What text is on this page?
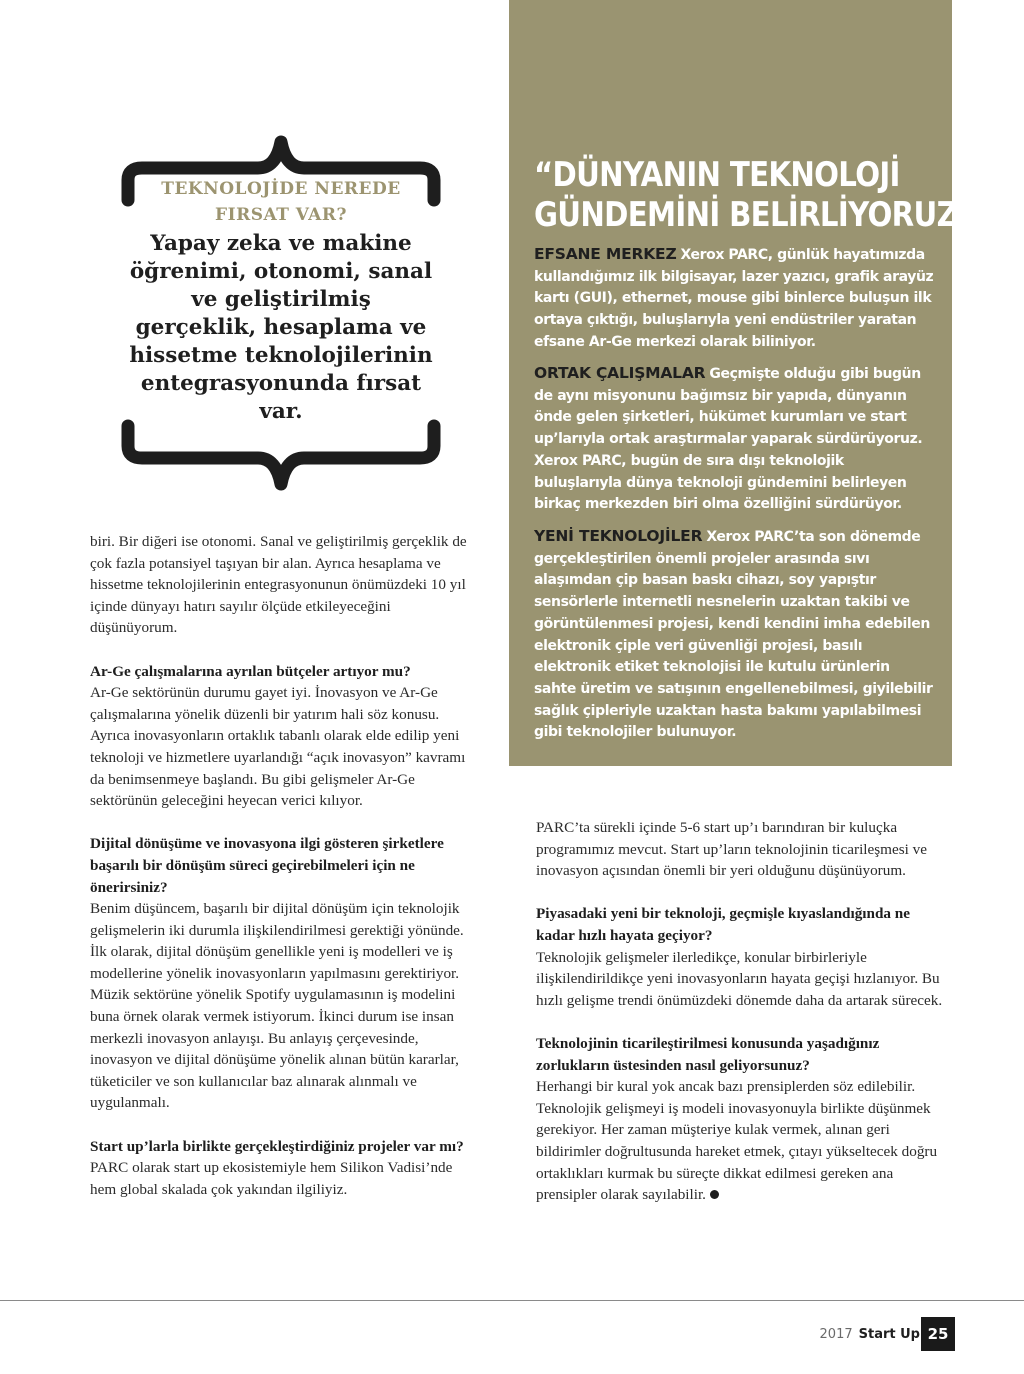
TEKNOLOJİDE NEREDE
FIRSAT VAR?
Yapay zeka ve makine öğrenimi, otonomi, sanal ve geliştirilmiş gerçeklik, hesaplama ve hissetme teknolojilerinin entegrasyonunda fırsat var.
“DÜNYANIN TEKNOLOJİ
GÜNDEMİNİ BELİRLİYORUZ”
EFSANE MERKEZ Xerox PARC, günlük hayatımızda kullandığımız ilk bilgisayar, lazer yazıcı, grafik arayüz kartı (GUI), ethernet, mouse gibi binlerce buluşun ilk ortaya çıktığı, buluşlarıyla yeni endüstriler yaratan efsane Ar-Ge merkezi olarak biliniyor.
ORTAK ÇALIŞMALAR Geçmişte olduğu gibi bugün de aynı misyonunu bağımsız bir yapıda, dünyanın önde gelen şirketleri, hükümet kurumları ve start up’larıyla ortak araştırmalar yaparak sürdürüyoruz. Xerox PARC, bugün de sıra dışı teknolojik buluşlarıyla dünya teknoloji gündemini belirleyen birkaç merkezden biri olma özelliğini sürdürüyor.
YENİ TEKNOLOJİLER Xerox PARC’ta son dönemde gerçekleştirilen önemli projeler arasında sıvı alaşımdan çip basan baskı cihazı, soy yapıştır sensörlerle internetli nesnelerin uzaktan takibi ve görüntülenmesi projesi, kendi kendini imha edebilen elektronik çiple veri güvenliği projesi, basılı elektronik etiket teknolojisi ile kutulu ürünlerin sahte üretim ve satışının engellenebilmesi, giyilebilir sağlık çipleriyle uzaktan hasta bakımı yapılabilmesi gibi teknolojiler bulunuyor.

biri. Bir diğeri ise otonomi. Sanal ve geliştirilmiş gerçeklik de çok fazla potansiyel taşıyan bir alan. Ayrıca hesaplama ve hissetme teknolojilerinin entegrasyonunun önümüzdeki 10 yıl içinde dünyayı hatırı sayılır ölçüde etkileyeceğini düşünüyorum.

Ar-Ge çalışmalarına ayrılan bütçeler artıyor mu?
Ar-Ge sektörünün durumu gayet iyi. İnovasyon ve Ar-Ge çalışmalarına yönelik düzenli bir yatırım hali söz konusu. Ayrıca inovasyonların ortaklık tabanlı olarak elde edilip yeni teknoloji ve hizmetlere uyarlandığı “açık inovasyon” kavramı da benimsenmeye başlandı. Bu gibi gelişmeler Ar-Ge sektörünün geleceğini heyecan verici kılıyor.

Dijital dönüşüme ve inovasyona ilgi gösteren şirketlere başarılı bir dönüşüm süreci geçirebilmeleri için ne önerirsiniz?
Benim düşüncem, başarılı bir dijital dönüşüm için teknolojik gelişmelerin iki durumla ilişkilendirilmesi gerektiği yönünde. İlk olarak, dijital dönüşüm genellikle yeni iş modelleri ve iş modellerine yönelik inovasyonların yapılmasını gerektiriyor. Müzik sektörüne yönelik Spotify uygulamasının iş modelini buna örnek olarak vermek istiyorum. İkinci durum ise insan merkezli inovasyon anlayışı. Bu anlayış çerçevesinde, inovasyon ve dijital dönüşüme yönelik alınan bütün kararlar, tüketiciler ve son kullanıcılar baz alınarak alınmalı ve uygulanmalı.

Start up’larla birlikte gerçekleştirdiğiniz projeler var mı?
PARC olarak start up ekosistemiyle hem Silikon Vadisi’nde hem global skalada çok yakından ilgiliyiz.

PARC’ta sürekli içinde 5-6 start up’ı barındıran bir kuluçka programımız mevcut. Start up’ların teknolojinin ticarileşmesi ve inovasyon açısından önemli bir yeri olduğunu düşünüyorum.

Piyasadaki yeni bir teknoloji, geçmişle kıyaslandığında ne kadar hızlı hayata geçiyor?
Teknolojik gelişmeler ilerledikçe, konular birbirleriyle ilişkilendirildikçe yeni inovasyonların hayata geçişi hızlanıyor. Bu hızlı gelişme trendi önümüzdeki dönemde daha da artarak sürecek.

Teknolojinin ticarileştirilmesi konusunda yaşadığınız zorlukların üstesinden nasıl geliyorsunuz?
Herhangi bir kural yok ancak bazı prensiplerden söz edilebilir. Teknolojik gelişmeyi iş modeli inovasyonuyla birlikte düşünmek gerekiyor. Her zaman müşteriye kulak vermek, alınan geri bildirimler doğrultusunda hareket etmek, çıtayı yükseltecek doğru ortaklıkları kurmak bu süreçte dikkat edilmesi gereken ana prensipler olarak sayılabilir.

2017 Start Up 25
